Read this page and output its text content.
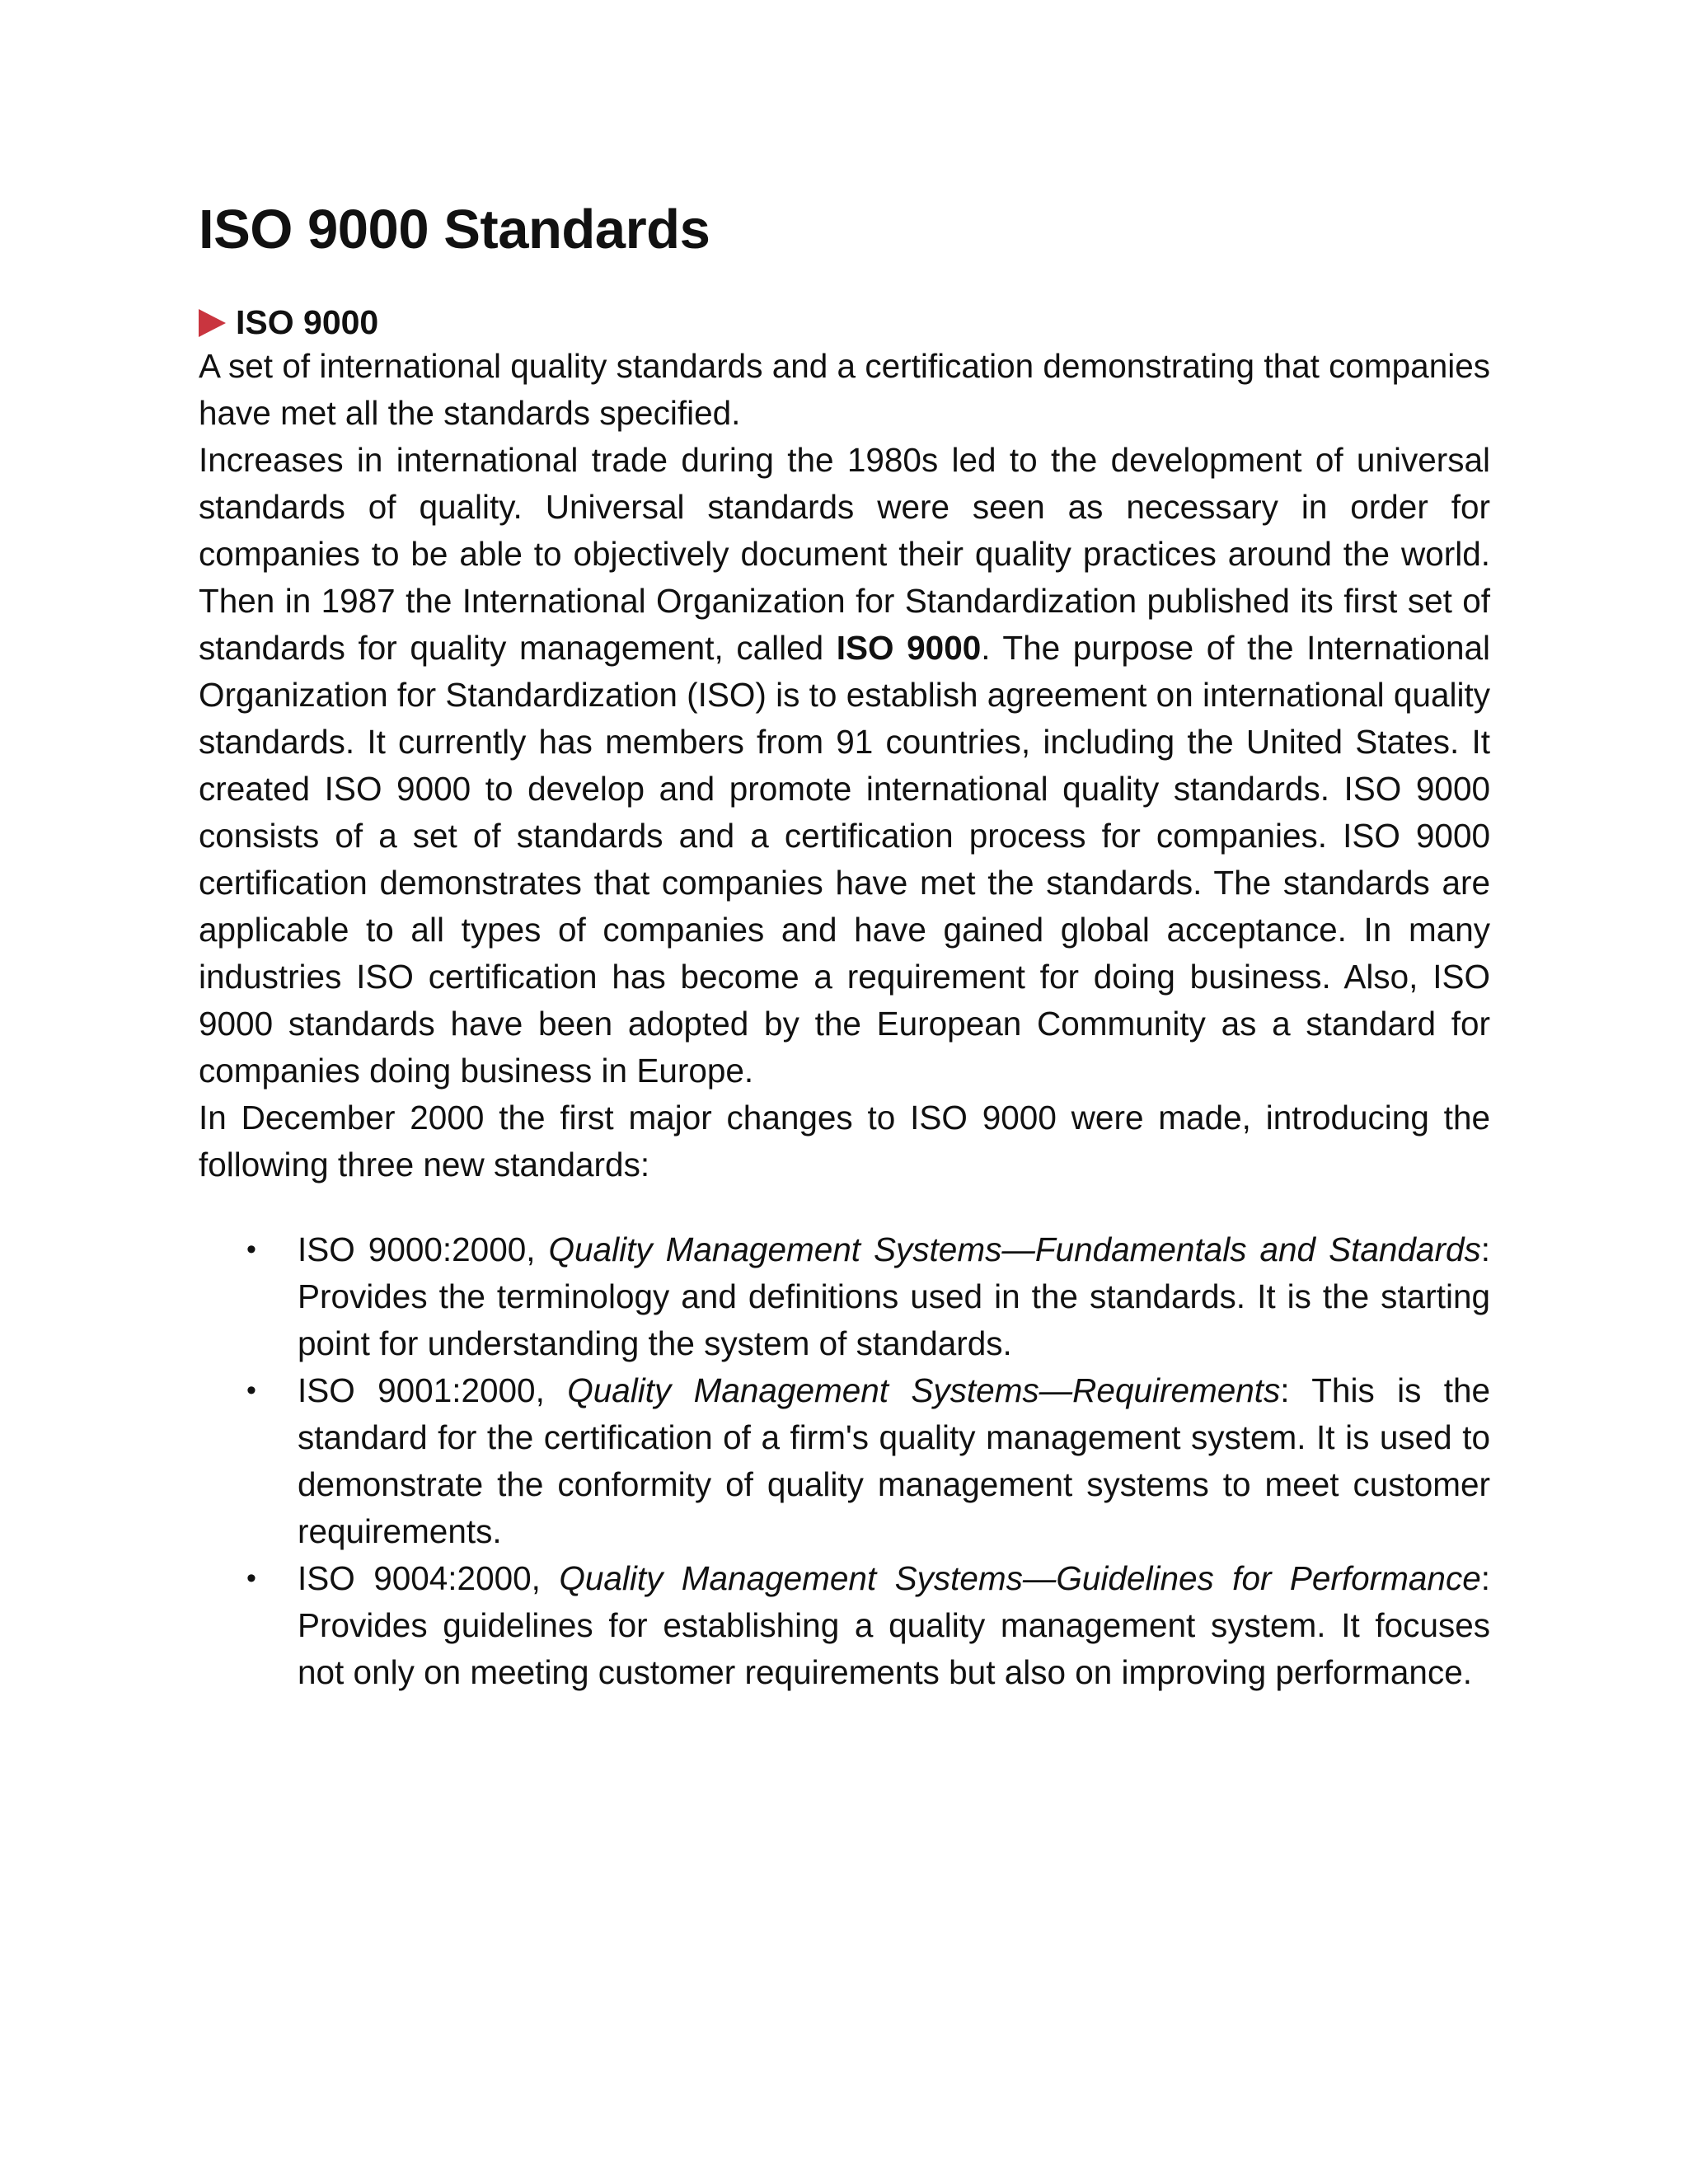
ISO 9000 Standards
ISO 9000

A set of international quality standards and a certification demonstrating that companies have met all the standards specified.

Increases in international trade during the 1980s led to the development of universal standards of quality. Universal standards were seen as necessary in order for companies to be able to objectively document their quality practices around the world. Then in 1987 the International Organization for Standardization published its first set of standards for quality management, called ISO 9000. The purpose of the International Organization for Standardization (ISO) is to establish agreement on international quality standards. It currently has members from 91 countries, including the United States. It created ISO 9000 to develop and promote international quality standards. ISO 9000 consists of a set of standards and a certification process for companies. ISO 9000 certification demonstrates that companies have met the standards. The standards are applicable to all types of companies and have gained global acceptance. In many industries ISO certification has become a requirement for doing business. Also, ISO 9000 standards have been adopted by the European Community as a standard for companies doing business in Europe.

In December 2000 the first major changes to ISO 9000 were made, introducing the following three new standards:

• ISO 9000:2000, Quality Management Systems—Fundamentals and Standards: Provides the terminology and definitions used in the standards. It is the starting point for understanding the system of standards.
• ISO 9001:2000, Quality Management Systems—Requirements: This is the standard for the certification of a firm's quality management system. It is used to demonstrate the conformity of quality management systems to meet customer requirements.
• ISO 9004:2000, Quality Management Systems—Guidelines for Performance: Provides guidelines for establishing a quality management system. It focuses not only on meeting customer requirements but also on improving performance.
